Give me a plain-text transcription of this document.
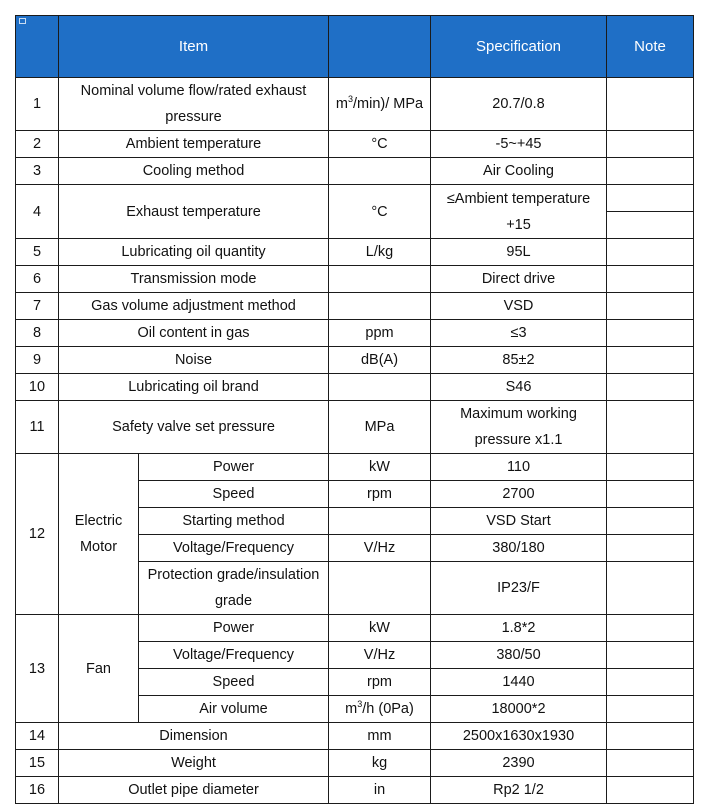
	Item			Specification	Note
1	Nominal volume flow/rated exhaust pressure		$m^3/\min)/$ MPa	20.7/0.8	
2	Ambient temperature		°C	-5~+45	
3	Cooling method			Air Cooling	
4	Exhaust temperature		°C	≤Ambient temperature +15	

5	Lubricating oil quantity		L/kg	95L	
6	Transmission mode			Direct drive	
7	Gas volume adjustment method			VSD	
8	Oil content in gas		ppm	≤3	
9	Noise		dB(A)	85±2	
10	Lubricating oil brand			S46	
11	Safety valve set pressure		MPa	Maximum working pressure x1.1	
12	Electric Motor	Power	kW	110	
		Speed	rpm	2700	
		Starting method		VSD Start	
		Voltage/Frequency	V/Hz	380/180	
		Protection grade/insulation grade		IP23/F	

13	Fan	Power	kW	1.8*2	
		Voltage/Frequency	V/Hz	380/50	
		Speed	rpm	1440	
		Air volume	$m^3/h$ (0Pa)	18000*2	
14	Dimension		mm	2500x1630x1930	
15	Weight		kg	2390	
16	Outlet pipe diameter		in	Rp2 1/2	
